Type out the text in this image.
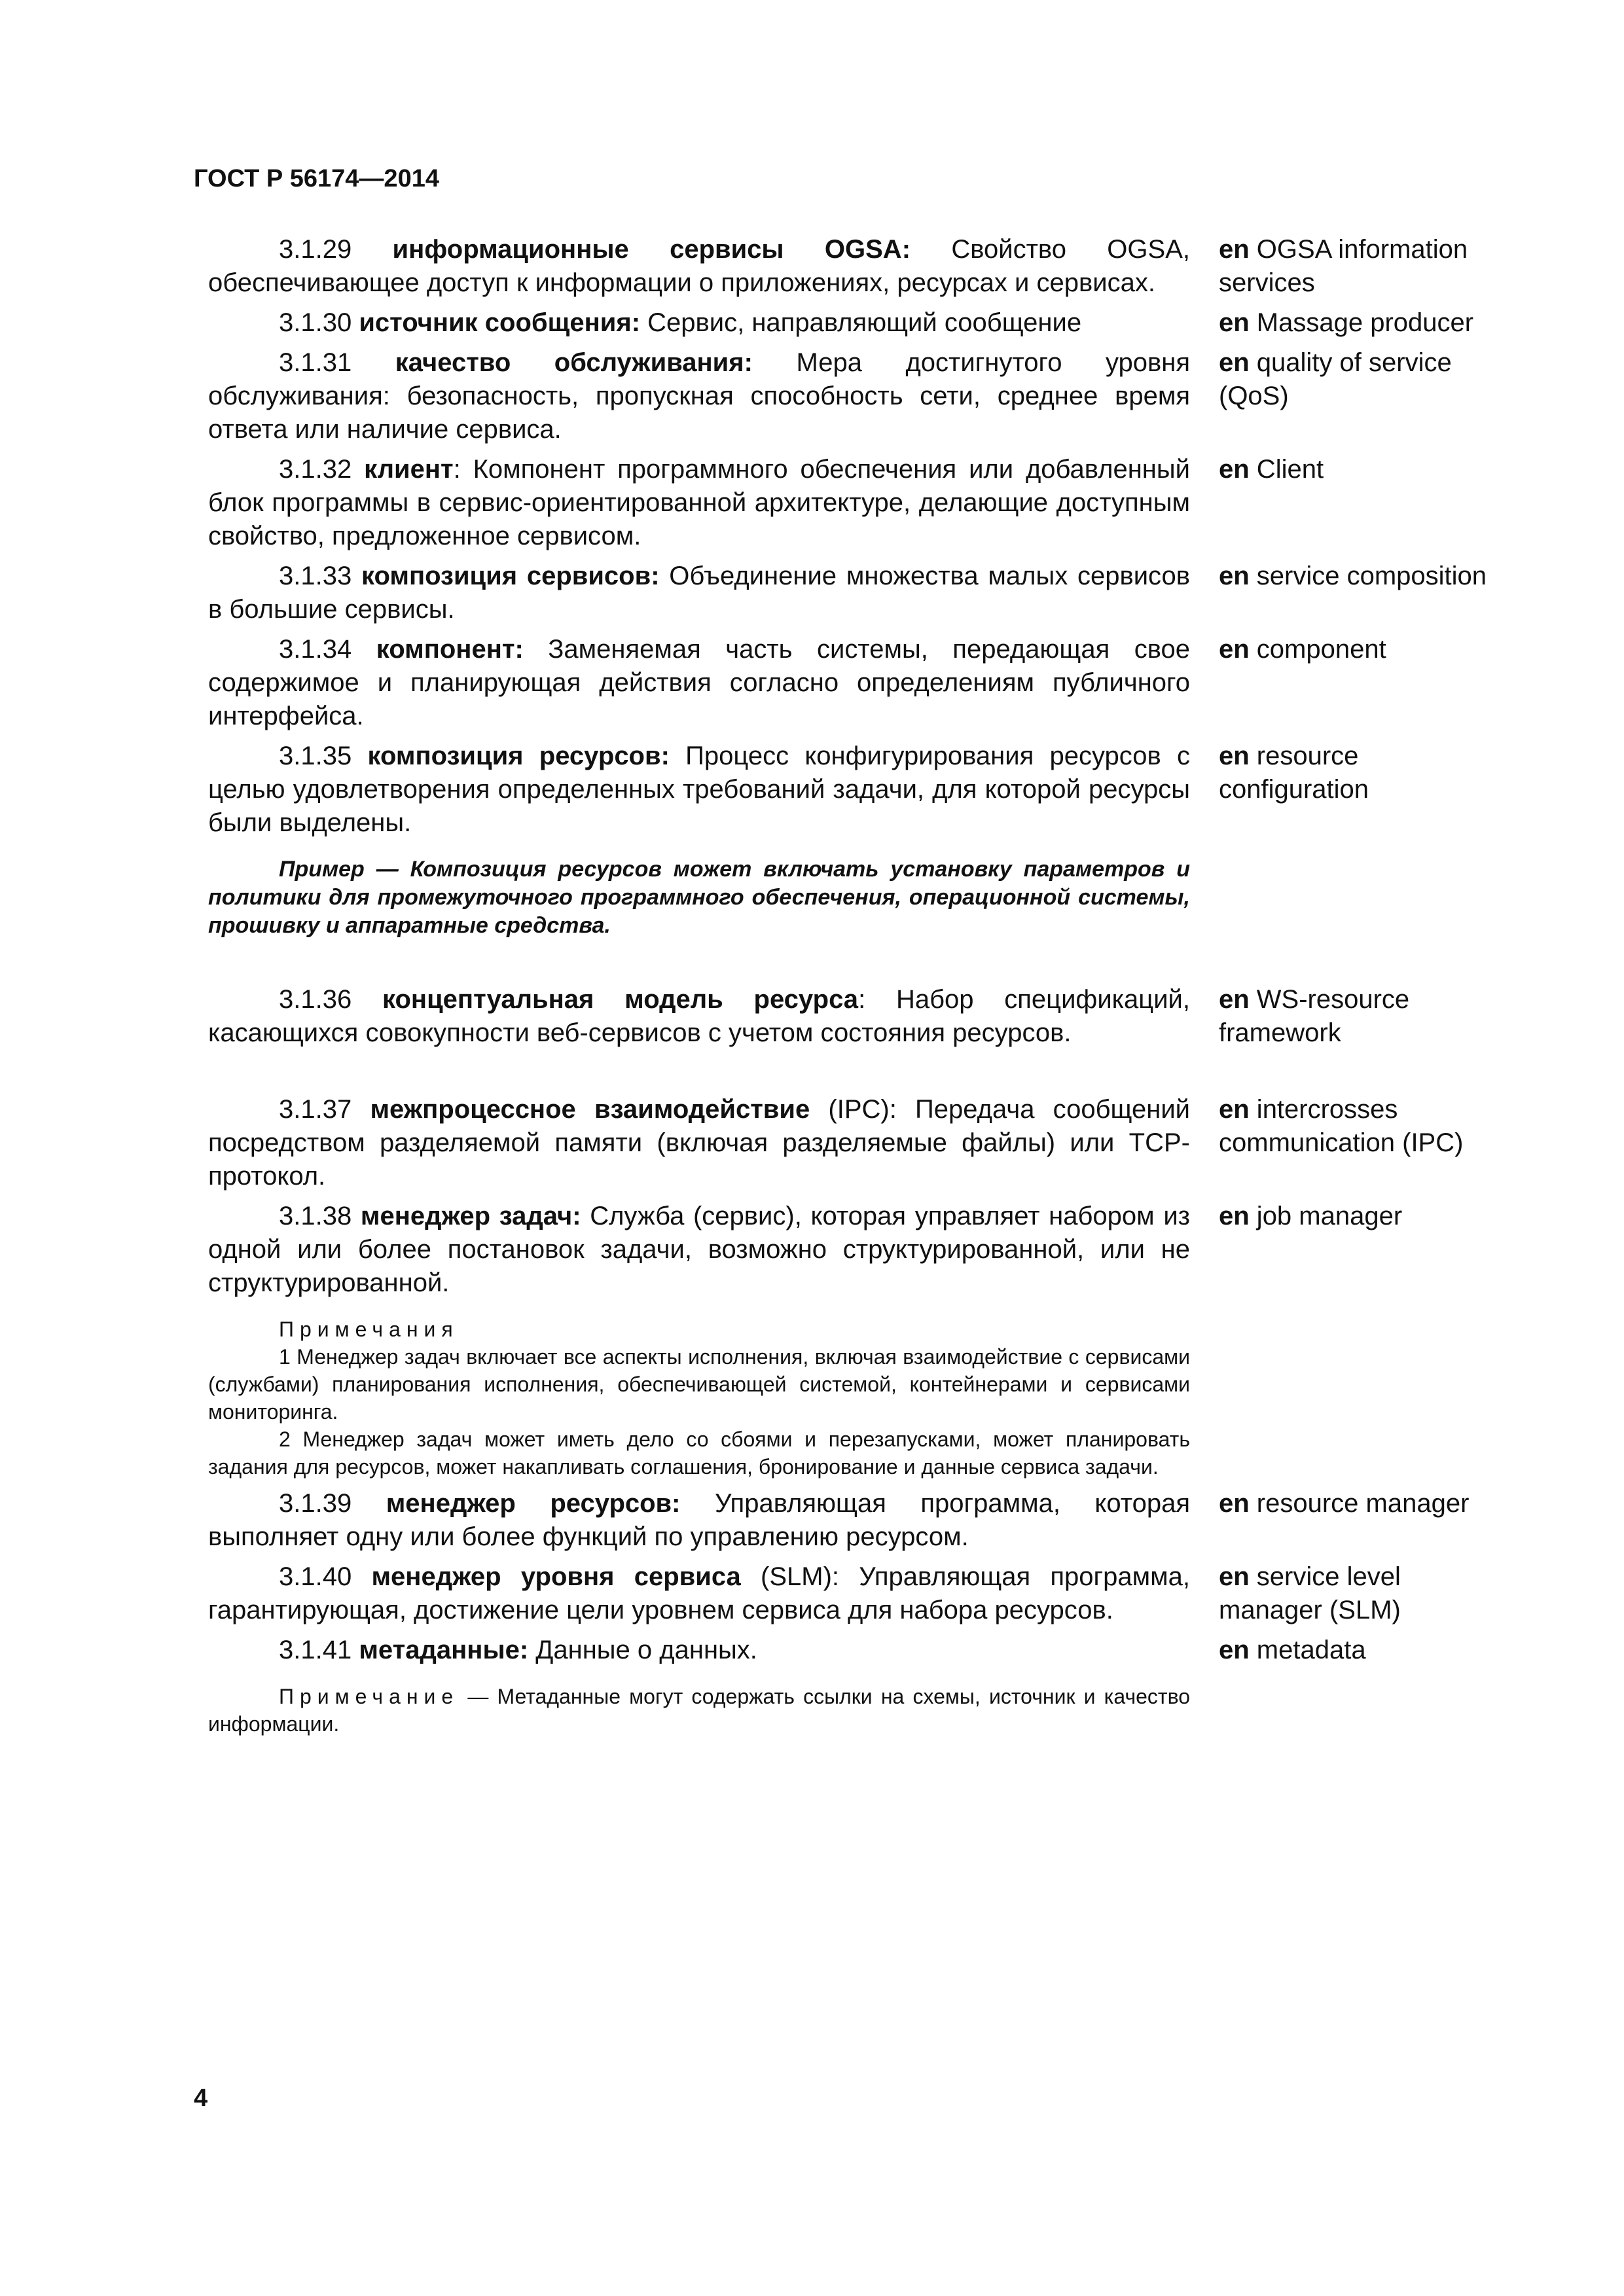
ГОСТ Р 56174—2014
3.1.29 информационные сервисы OGSA: Свойство OGSA, обеспечивающее доступ к информации о приложениях, ресурсах и сервисах.
en OGSA information services
3.1.30 источник сообщения: Сервис, направляющий сообщение	en Massage producer
3.1.31 качество обслуживания: Мера достигнутого уровня обслуживания: безопасность, пропускная способность сети, среднее время ответа или наличие сервиса.
en quality of service (QoS)
3.1.32 клиент: Компонент программного обеспечения или добавленный блок программы в сервис-ориентированной архитектуре, делающие доступным свойство, предложенное сервисом.
en Client
3.1.33 композиция сервисов: Объединение множества малых сервисов в большие сервисы.
en service composition
3.1.34 компонент: Заменяемая часть системы, передающая свое содержимое и планирующая действия согласно определениям публичного интерфейса.
en component
3.1.35 композиция ресурсов: Процесс конфигурирования ресурсов с целью удовлетворения определенных требований задачи, для которой ресурсы были выделены.
en resource configuration
Пример — Композиция ресурсов может включать установку параметров и политики для промежуточного программного обеспечения, операционной системы, прошивку и аппаратные средства.
3.1.36 концептуальная модель ресурса: Набор спецификаций, касающихся совокупности веб-сервисов с учетом состояния ресурсов.
en WS-resource framework
3.1.37 межпроцессное взаимодействие (IPC): Передача сообщений посредством разделяемой памяти (включая разделяемые файлы) или TCP-протокол.
en intercrosses communication (IPC)
3.1.38 менеджер задач: Служба (сервис), которая управляет набором из одной или более постановок задачи, возможно структурированной, или не структурированной.
en job manager
Примечания
1 Менеджер задач включает все аспекты исполнения, включая взаимодействие с сервисами (службами) планирования исполнения, обеспечивающей системой, контейнерами и сервисами мониторинга.
2 Менеджер задач может иметь дело со сбоями и перезапусками, может планировать задания для ресурсов, может накапливать соглашения, бронирование и данные сервиса задачи.
3.1.39 менеджер ресурсов: Управляющая программа, которая выполняет одну или более функций по управлению ресурсом.
en resource manager
3.1.40 менеджер уровня сервиса (SLM): Управляющая программа, гарантирующая, достижение цели уровнем сервиса для набора ресурсов.
en service level manager (SLM)
3.1.41 метаданные: Данные о данных.	en metadata
Примечание — Метаданные могут содержать ссылки на схемы, источник и качество информации.
4
